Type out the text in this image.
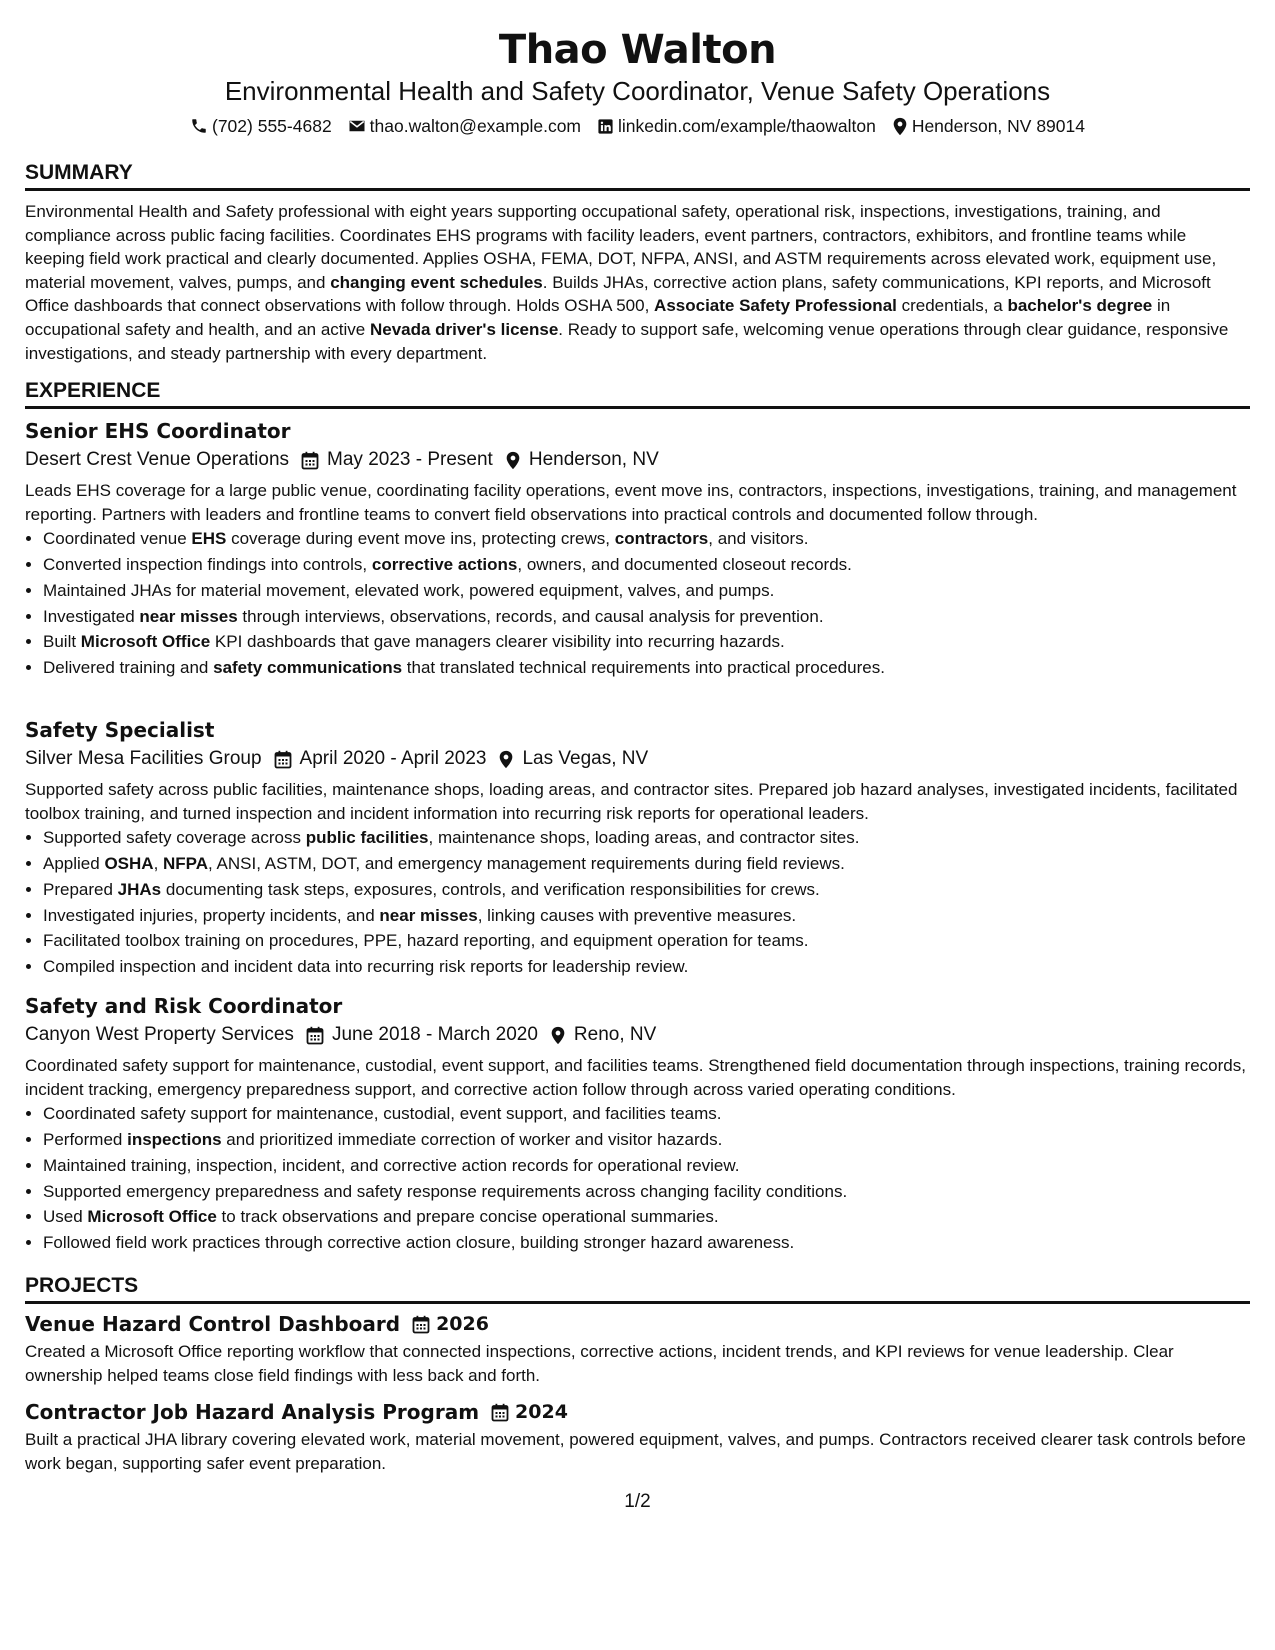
Thao Walton
Environmental Health and Safety Coordinator, Venue Safety Operations
(702) 555-4682 thao.walton@example.com linkedin.com/example/thaowalton Henderson, NV 89014
SUMMARY
Environmental Health and Safety professional with eight years supporting occupational safety, operational risk, inspections, investigations, training, and compliance across public facing facilities. Coordinates EHS programs with facility leaders, event partners, contractors, exhibitors, and frontline teams while keeping field work practical and clearly documented. Applies OSHA, FEMA, DOT, NFPA, ANSI, and ASTM requirements across elevated work, equipment use, material movement, valves, pumps, and changing event schedules. Builds JHAs, corrective action plans, safety communications, KPI reports, and Microsoft Office dashboards that connect observations with follow through. Holds OSHA 500, Associate Safety Professional credentials, a bachelor's degree in occupational safety and health, and an active Nevada driver's license. Ready to support safe, welcoming venue operations through clear guidance, responsive investigations, and steady partnership with every department.
EXPERIENCE
Senior EHS Coordinator
Desert Crest Venue Operations May 2023 - Present Henderson, NV
Leads EHS coverage for a large public venue, coordinating facility operations, event move ins, contractors, inspections, investigations, training, and management reporting. Partners with leaders and frontline teams to convert field observations into practical controls and documented follow through.
• Coordinated venue EHS coverage during event move ins, protecting crews, contractors, and visitors.
• Converted inspection findings into controls, corrective actions, owners, and documented closeout records.
• Maintained JHAs for material movement, elevated work, powered equipment, valves, and pumps.
• Investigated near misses through interviews, observations, records, and causal analysis for prevention.
• Built Microsoft Office KPI dashboards that gave managers clearer visibility into recurring hazards.
• Delivered training and safety communications that translated technical requirements into practical procedures.
Safety Specialist
Silver Mesa Facilities Group April 2020 - April 2023 Las Vegas, NV
Supported safety across public facilities, maintenance shops, loading areas, and contractor sites. Prepared job hazard analyses, investigated incidents, facilitated toolbox training, and turned inspection and incident information into recurring risk reports for operational leaders.
• Supported safety coverage across public facilities, maintenance shops, loading areas, and contractor sites.
• Applied OSHA, NFPA, ANSI, ASTM, DOT, and emergency management requirements during field reviews.
• Prepared JHAs documenting task steps, exposures, controls, and verification responsibilities for crews.
• Investigated injuries, property incidents, and near misses, linking causes with preventive measures.
• Facilitated toolbox training on procedures, PPE, hazard reporting, and equipment operation for teams.
• Compiled inspection and incident data into recurring risk reports for leadership review.
Safety and Risk Coordinator
Canyon West Property Services June 2018 - March 2020 Reno, NV
Coordinated safety support for maintenance, custodial, event support, and facilities teams. Strengthened field documentation through inspections, training records, incident tracking, emergency preparedness support, and corrective action follow through across varied operating conditions.
• Coordinated safety support for maintenance, custodial, event support, and facilities teams.
• Performed inspections and prioritized immediate correction of worker and visitor hazards.
• Maintained training, inspection, incident, and corrective action records for operational review.
• Supported emergency preparedness and safety response requirements across changing facility conditions.
• Used Microsoft Office to track observations and prepare concise operational summaries.
• Followed field work practices through corrective action closure, building stronger hazard awareness.
PROJECTS
Venue Hazard Control Dashboard 2026
Created a Microsoft Office reporting workflow that connected inspections, corrective actions, incident trends, and KPI reviews for venue leadership. Clear ownership helped teams close field findings with less back and forth.
Contractor Job Hazard Analysis Program 2024
Built a practical JHA library covering elevated work, material movement, powered equipment, valves, and pumps. Contractors received clearer task controls before work began, supporting safer event preparation.
1/2
